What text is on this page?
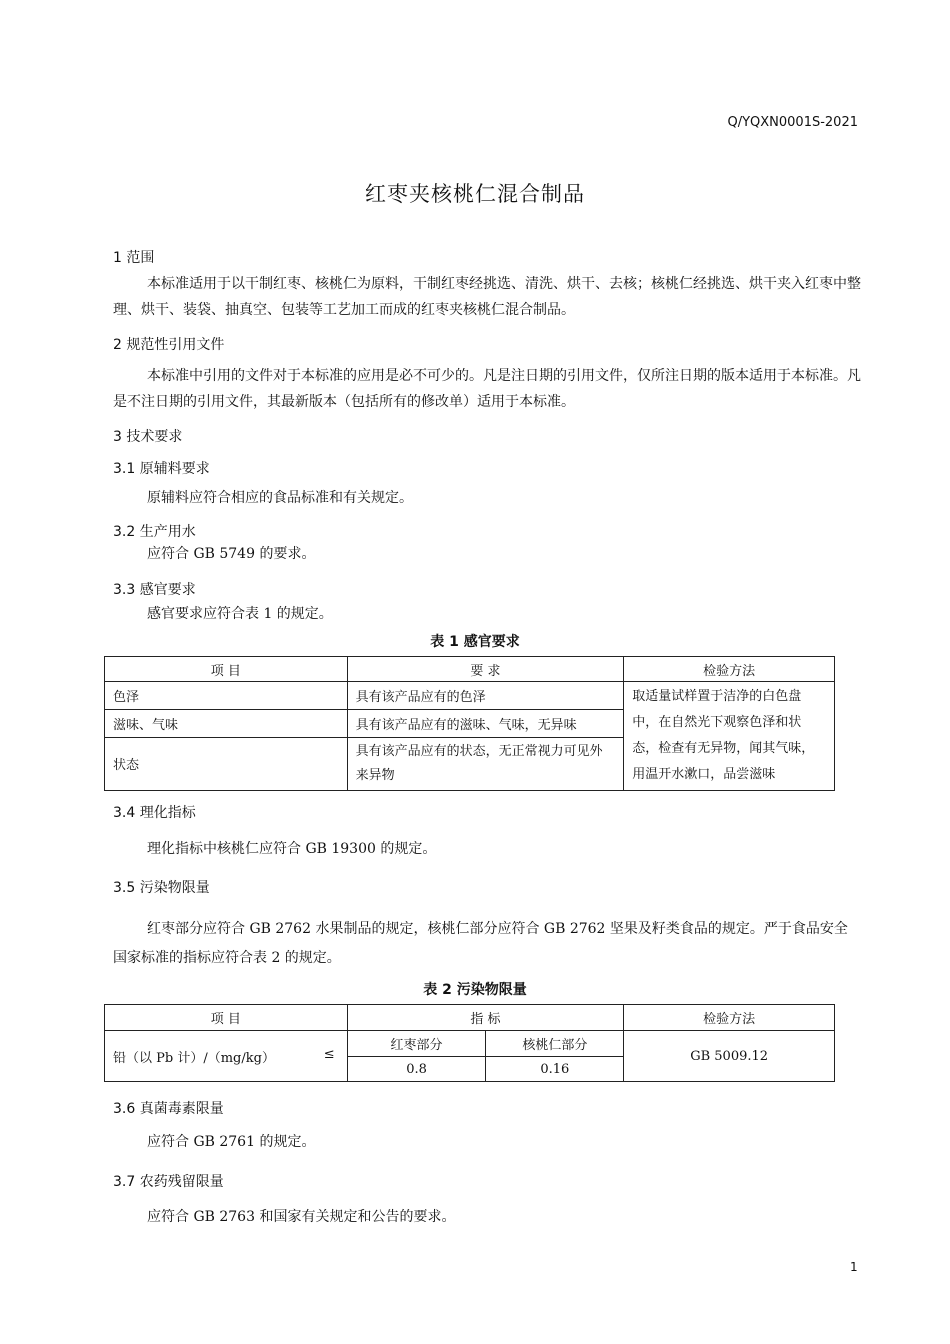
Q/YQXN0001S-2021
红枣夹核桃仁混合制品
1 范围
本标准适用于以干制红枣、核桃仁为原料，干制红枣经挑选、清洗、烘干、去核；核桃仁经挑选、烘干夹入红枣中整理、烘干、装袋、抽真空、包装等工艺加工而成的红枣夹核桃仁混合制品。
2 规范性引用文件
本标准中引用的文件对于本标准的应用是必不可少的。凡是注日期的引用文件，仅所注日期的版本适用于本标准。凡是不注日期的引用文件，其最新版本（包括所有的修改单）适用于本标准。
3 技术要求
3.1 原辅料要求
原辅料应符合相应的食品标准和有关规定。
3.2 生产用水
应符合 GB 5749 的要求。
3.3 感官要求
感官要求应符合表 1 的规定。
表 1 感官要求
项 目	要 求	检验方法
色泽	具有该产品应有的色泽	取适量试样置于洁净的白色盘中，在自然光下观察色泽和状态，检查有无异物，闻其气味，用温开水漱口，品尝滋味
滋味、气味	具有该产品应有的滋味、气味，无异味	
状态	具有该产品应有的状态，无正常视力可见外来异物	
3.4 理化指标
理化指标中核桃仁应符合 GB 19300 的规定。
3.5 污染物限量
红枣部分应符合 GB 2762 水果制品的规定，核桃仁部分应符合 GB 2762 坚果及籽类食品的规定。严于食品安全国家标准的指标应符合表 2 的规定。
表 2 污染物限量
项 目	指 标		检验方法
铅（以 Pb 计）/（mg/kg） ≤	红枣部分	核桃仁部分	GB 5009.12
	0.8	0.16	
3.6 真菌毒素限量
应符合 GB 2761 的规定。
3.7 农药残留限量
应符合 GB 2763 和国家有关规定和公告的要求。
1
